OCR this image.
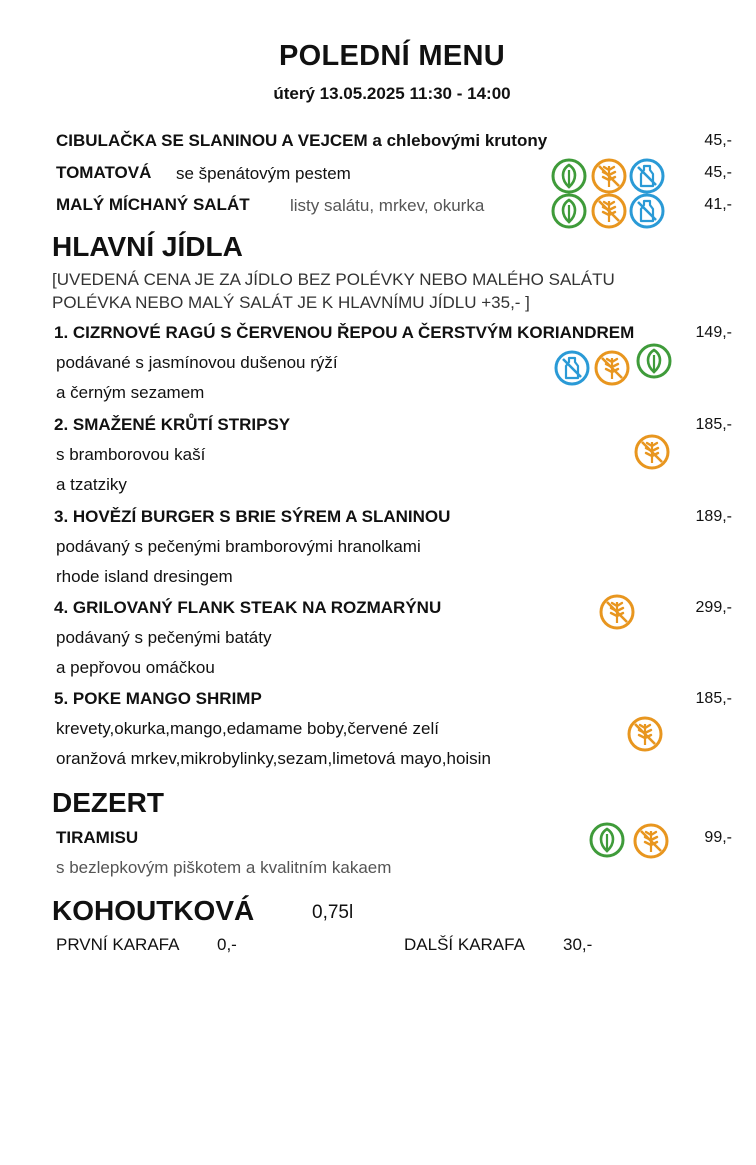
POLEDNÍ MENU
úterý 13.05.2025 11:30 - 14:00
CIBULAČKA SE SLANINOU A VEJCEM a chlebovými krutony	45,-
TOMATOVÁ se špenátovým pestem	45,-
MALÝ MÍCHANÝ SALÁT listy salátu, mrkev, okurka	41,-
HLAVNÍ JÍDLA
[UVEDENÁ CENA JE ZA JÍDLO BEZ POLÉVKY NEBO MALÉHO SALÁTU
POLÉVKA NEBO MALÝ SALÁT JE K HLAVNÍMU JÍDLU +35,- ]
1. CIZRNOVÉ RAGÚ S ČERVENOU ŘEPOU A ČERSTVÝM KORIANDREM	149,-
podávané s jasmínovou dušenou rýží
a černým sezamem
2. SMAŽENÉ KRŮTÍ STRIPSY	185,-
s bramborovou kaší
a tzatziky
3. HOVĚZÍ BURGER S BRIE SÝREM A SLANINOU	189,-
podávaný s pečenými bramborovými hranolkami
rhode island dresingem
4. GRILOVANÝ FLANK STEAK NA ROZMARÝNU	299,-
podávaný s pečenými batáty
a pepřovou omáčkou
5. POKE MANGO SHRIMP	185,-
krevety,okurka,mango,edamame boby,červené zelí
oranžová mrkev,mikrobylinky,sezam,limetová mayo,hoisin
DEZERT
TIRAMISU	99,-
s bezlepkovým piškotem a kvalitním kakaem
KOHOUTKOVÁ	0,75l
PRVNÍ KARAFA 0,-	DALŠÍ KARAFA 30,-
